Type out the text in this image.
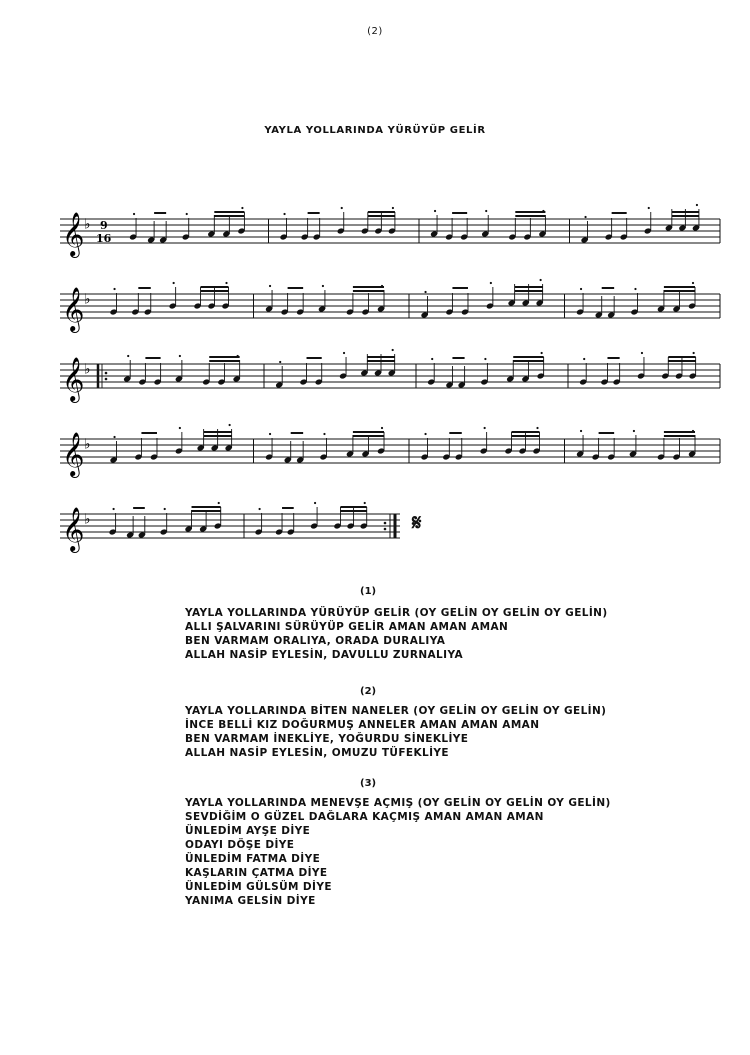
(2)
YAYLA YOLLARINDA YÜRÜYÜP GELİR
𝄞 ♭ 9
16
𝄞 ♭
𝄞 ♭
𝄞 ♭
𝄞 ♭	𝄋
(1)
YAYLA YOLLARINDA YÜRÜYÜP GELİR (OY GELİN OY GELİN OY GELİN)
ALLI ŞALVARINI SÜRÜYÜP GELİR AMAN AMAN AMAN
BEN VARMAM ORALIYA, ORADA DURALIYA
ALLAH NASİP EYLESİN, DAVULLU ZURNALIYA
(2)
YAYLA YOLLARINDA BİTEN NANELER (OY GELİN OY GELİN OY GELİN)
İNCE BELLİ KIZ DOĞURMUŞ ANNELER AMAN AMAN AMAN
BEN VARMAM İNEKLİYE, YOĞURDU SİNEKLİYE
ALLAH NASİP EYLESİN, OMUZU TÜFEKLİYE
(3)
YAYLA YOLLARINDA MENEVŞE AÇMIŞ (OY GELİN OY GELİN OY GELİN)
SEVDİĞİM O GÜZEL DAĞLARA KAÇMIŞ AMAN AMAN AMAN
ÜNLEDİM AYŞE DİYE
ODAYI DÖŞE DİYE
ÜNLEDİM FATMA DİYE
KAŞLARIN ÇATMA DİYE
ÜNLEDİM GÜLSÜM DİYE
YANIMA GELSİN DİYE
